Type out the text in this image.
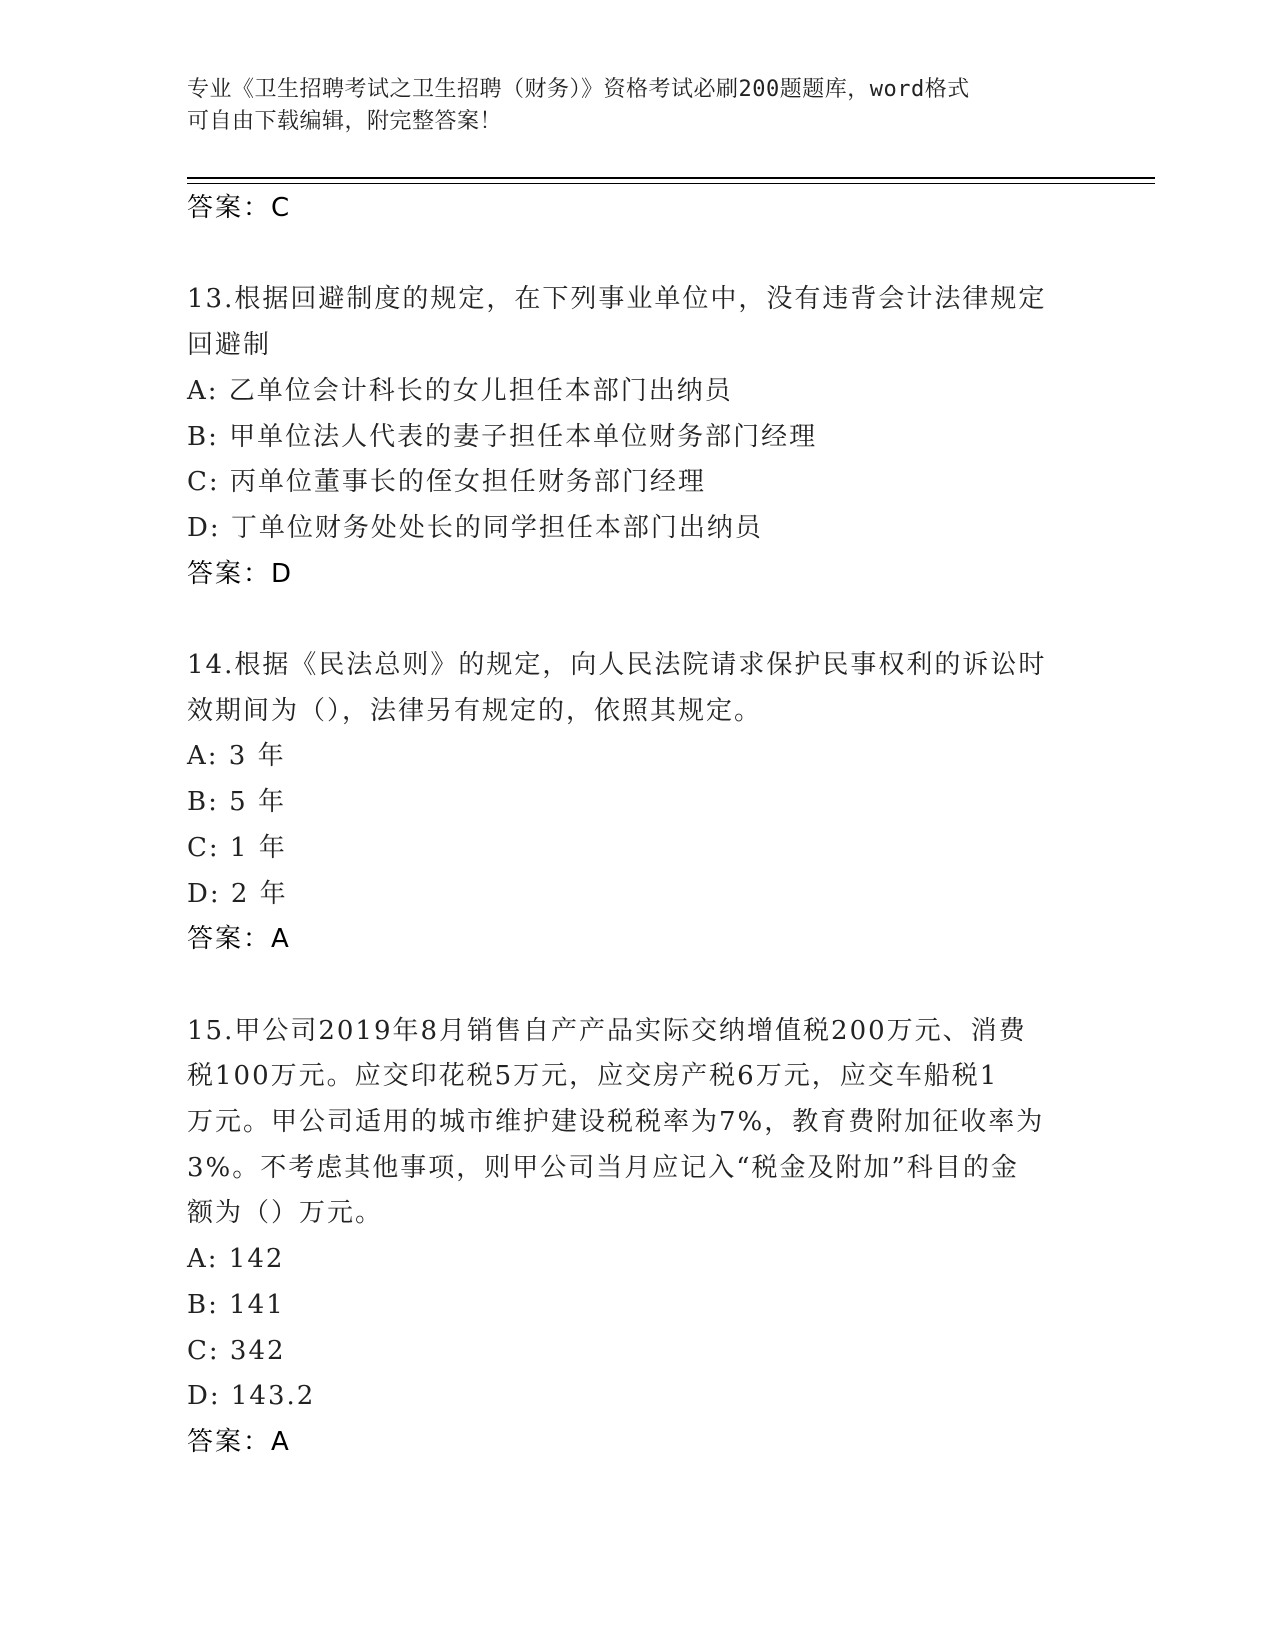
专业《卫生招聘考试之卫生招聘（财务）》资格考试必刷200题题库，word格式
可自由下载编辑，附完整答案！
答案：C
13.根据回避制度的规定，在下列事业单位中，没有违背会计法律规定
回避制
A: 乙单位会计科长的女儿担任本部门出纳员
B: 甲单位法人代表的妻子担任本单位财务部门经理
C: 丙单位董事长的侄女担任财务部门经理
D: 丁单位财务处处长的同学担任本部门出纳员
答案：D
14.根据《民法总则》的规定，向人民法院请求保护民事权利的诉讼时
效期间为（），法律另有规定的，依照其规定。
A: 3 年
B: 5 年
C: 1 年
D: 2 年
答案：A
15.甲公司2019年8月销售自产产品实际交纳增值税200万元、消费
税100万元。应交印花税5万元，应交房产税6万元，应交车船税1
万元。甲公司适用的城市维护建设税税率为7%，教育费附加征收率为
3%。不考虑其他事项，则甲公司当月应记入“税金及附加”科目的金
额为（）万元。
A: 142
B: 141
C: 342
D: 143.2
答案：A
